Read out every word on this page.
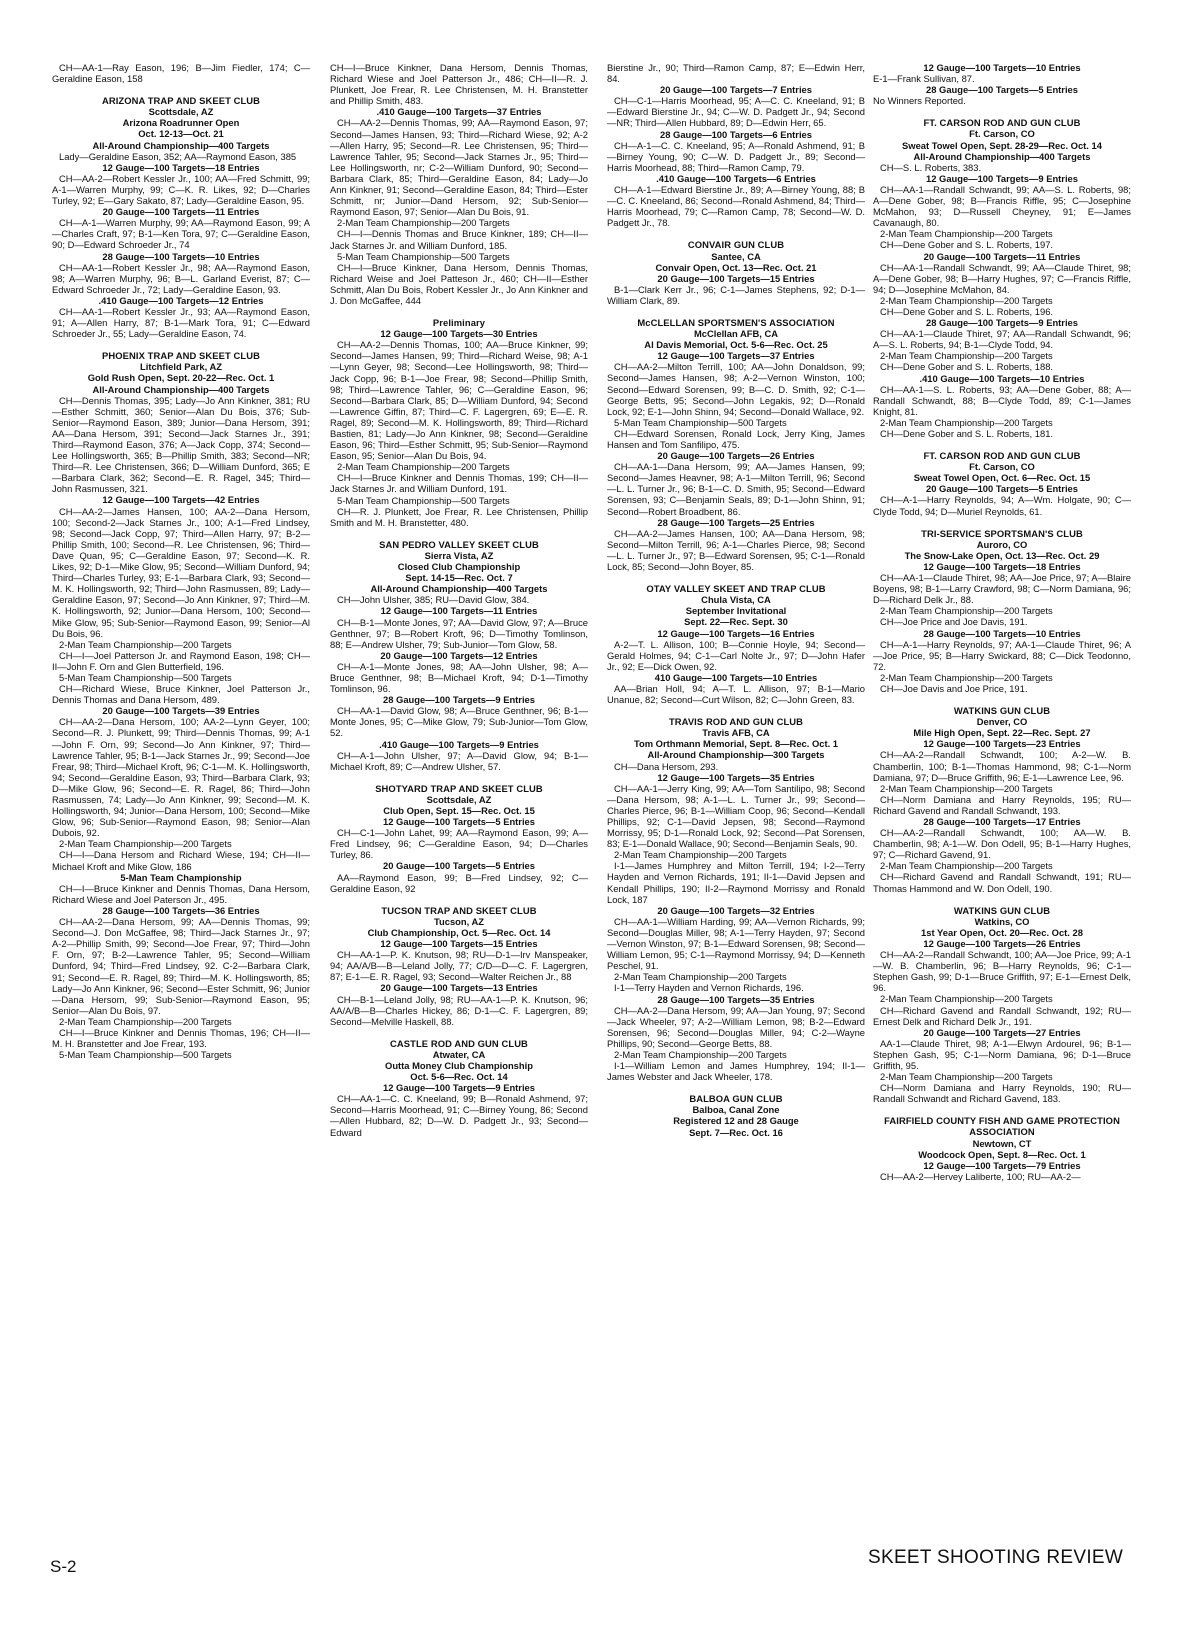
CH—AA-1—Ray Eason, 196; B—Jim Fiedler, 174; C—Geraldine Eason, 158
ARIZONA TRAP AND SKEET CLUB
Scottsdale, AZ
Arizona Roadrunner Open
Oct. 12-13—Oct. 21
All-Around Championship—400 Targets
Lady—Geraldine Eason, 352; AA—Raymond Eason, 385
12 Gauge—100 Targets—18 Entries
CH—AA-2—Robert Kessler Jr., 100; AA—Fred Schmitt, 99; A-1—Warren Murphy, 99; C—K. R. Likes, 92; D—Charles Turley, 92; E—Gary Sakato, 87; Lady—Geraldine Eason, 95.
20 Gauge—100 Targets—11 Entries
CH—A-1—Warren Murphy, 99; AA—Raymond Eason, 99; A—Charles Craft, 97; B-1—Ken Tora, 97; C—Geraldine Eason, 90; D—Edward Schroeder Jr., 74
28 Gauge—100 Targets—10 Entries
CH—AA-1—Robert Kessler Jr., 98; AA—Raymond Eason, 98; A—Warren Murphy, 96; B—L. Garland Everist, 87; C—Edward Schroeder Jr., 72; Lady—Geraldine Eason, 93.
.410 Gauge—100 Targets—12 Entries
CH—AA-1—Robert Kessler Jr., 93; AA—Raymond Eason, 91; A—Allen Harry, 87; B-1—Mark Tora, 91; C—Edward Schroeder Jr., 55; Lady—Geraldine Eason, 74.
PHOENIX TRAP AND SKEET CLUB
Litchfield Park, AZ
Gold Rush Open, Sept. 20-22—Rec. Oct. 1
All-Around Championship—400 Targets
CH—Dennis Thomas, 395; Lady—Jo Ann Kinkner, 381; RU—Esther Schmitt, 360; Senior—Alan Du Bois, 376; Sub-Senior—Raymond Eason, 389; Junior—Dana Hersom, 391; AA—Dana Hersom, 391; Second—Jack Starnes Jr., 391; Third—Raymond Eason, 376; A—Jack Copp, 374; Second—Lee Hollingsworth, 365; B—Phillip Smith, 383; Second—NR; Third—R. Lee Christensen, 366; D—William Dunford, 365; E—Barbara Clark, 362; Second—E. R. Ragel, 345; Third—John Rasmussen, 321.
12 Gauge—100 Targets—42 Entries
CH—AA-2—James Hansen, 100; AA-2—Dana Hersom, 100; Second-2—Jack Starnes Jr., 100; A-1—Fred Lindsey, 98; Second—Jack Copp, 97; Third—Allen Harry, 97; B-2—Phillip Smith, 100; Second—R. Lee Christensen, 96; Third—Dave Quan, 95; C—Geraldine Eason, 97; Second—K. R. Likes, 92; D-1—Mike Glow, 95; Second—William Dunford, 94; Third—Charles Turley, 93; E-1—Barbara Clark, 93; Second—M. K. Hollingsworth, 92; Third—John Rasmussen, 89; Lady—Geraldine Eason, 97; Second—Jo Ann Kinkner, 97; Third—M. K. Hollingsworth, 92; Junior—Dana Hersom, 100; Second—Mike Glow, 95; Sub-Senior—Raymond Eason, 99; Senior—Al Du Bois, 96.
2-Man Team Championship—200 Targets
CH—I—Joel Patterson Jr. and Raymond Eason, 198; CH—II—John F. Orn and Glen Butterfield, 196.
5-Man Team Championship—500 Targets
CH—Richard Wiese, Bruce Kinkner, Joel Patterson Jr., Dennis Thomas and Dana Hersom, 489.
20 Gauge—100 Targets—39 Entries
CH—AA-2—Dana Hersom, 100; AA-2—Lynn Geyer, 100; Second—R. J. Plunkett, 99; Third—Dennis Thomas, 99; A-1—John F. Orn, 99; Second—Jo Ann Kinkner, 97; Third—Lawrence Tahler, 95; B-1—Jack Starnes Jr., 99; Second—Joe Frear, 98; Third—Michael Kroft, 96; C-1—M. K. Hollingsworth, 94; Second—Geraldine Eason, 93; Third—Barbara Clark, 93; D—Mike Glow, 96; Second—E. R. Ragel, 86; Third—John Rasmussen, 74; Lady—Jo Ann Kinkner, 99; Second—M. K. Hollingsworth, 94; Junior—Dana Hersom, 100; Second—Mike Glow, 96; Sub-Senior—Raymond Eason, 98; Senior—Alan Dubois, 92.
2-Man Team Championship—200 Targets
CH—I—Dana Hersom and Richard Wiese, 194; CH—II—Michael Kroft and Mike Glow, 186
5-Man Team Championship
CH—I—Bruce Kinkner and Dennis Thomas, Dana Hersom, Richard Wiese and Joel Paterson Jr., 495.
28 Gauge—100 Targets—36 Entries
CH—AA-2—Dana Hersom, 99; AA—Dennis Thomas, 99; Second—J. Don McGaffee, 98; Third—Jack Starnes Jr., 97; A-2—Phillip Smith, 99; Second—Joe Frear, 97; Third—John F. Orn, 97; B-2—Lawrence Tahler, 95; Second—William Dunford, 94; Third—Fred Lindsey, 92. C-2—Barbara Clark, 91; Second—E. R. Ragel, 89; Third—M. K. Hollingsworth, 85; Lady—Jo Ann Kinkner, 96; Second—Ester Schmitt, 96; Junior—Dana Hersom, 99; Sub-Senior—Raymond Eason, 95; Senior—Alan Du Bois, 97.
2-Man Team Championship—200 Targets
CH—I—Bruce Kinkner and Dennis Thomas, 196; CH—II—M. H. Branstetter and Joe Frear, 193.
5-Man Team Championship—500 Targets
CH—I—Bruce Kinkner, Dana Hersom, Dennis Thomas, Richard Wiese and Joel Patterson Jr., 486; CH—II—R. J. Plunkett, Joe Frear, R. Lee Christensen, M. H. Branstetter and Phillip Smith, 483.
.410 Gauge—100 Targets—37 Entries
CH—AA-2—Dennis Thomas, 99; AA—Raymond Eason, 97; Second—James Hansen, 93; Third—Richard Wiese, 92; A-2—Allen Harry, 95; Second—R. Lee Christensen, 95; Third—Lawrence Tahler, 95; Second—Jack Starnes Jr., 95; Third—Lee Hollingsworth, nr; C-2—William Dunford, 90; Second—Barbara Clark, 85; Third—Geraldine Eason, 84; Lady—Jo Ann Kinkner, 91; Second—Geraldine Eason, 84; Third—Ester Schmitt, nr; Junior—Dand Hersom, 92; Sub-Senior—Raymond Eason, 97; Senior—Alan Du Bois, 91.
2-Man Team Championship—200 Targets
CH—I—Dennis Thomas and Bruce Kinkner, 189; CH—II—Jack Starnes Jr. and William Dunford, 185.
5-Man Team Championship—500 Targets
CH—I—Bruce Kinkner, Dana Hersom, Dennis Thomas, Richard Weise and Joel Patteson Jr., 460; CH—II—Esther Schmitt, Alan Du Bois, Robert Kessler Jr., Jo Ann Kinkner and J. Don McGaffee, 444
Preliminary
12 Gauge—100 Targets—30 Entries
CH—AA-2—Dennis Thomas, 100; AA—Bruce Kinkner, 99; Second—James Hansen, 99; Third—Richard Weise, 98; A-1—Lynn Geyer, 98; Second—Lee Hollingsworth, 98; Third—Jack Copp, 96; B-1—Joe Frear, 98; Second—Phillip Smith, 98; Third—Lawrence Tahler, 96; C—Geraldine Eason, 96; Second—Barbara Clark, 85; D—William Dunford, 94; Second—Lawrence Giffin, 87; Third—C. F. Lagergren, 69; E—E. R. Ragel, 89; Second—M. K. Hollingsworth, 89; Third—Richard Bastien, 81; Lady—Jo Ann Kinkner, 98; Second—Geraldine Eason, 96; Third—Esther Schmitt, 95; Sub-Senior—Raymond Eason, 95; Senior—Alan Du Bois, 94.
2-Man Team Championship—200 Targets
CH—I—Bruce Kinkner and Dennis Thomas, 199; CH—II—Jack Starnes Jr. and William Dunford, 191.
5-Man Team Championship—500 Targets
CH—R. J. Plunkett, Joe Frear, R. Lee Christensen, Phillip Smith and M. H. Branstetter, 480.
SAN PEDRO VALLEY SKEET CLUB
Sierra Vista, AZ
Closed Club Championship
Sept. 14-15—Rec. Oct. 7
All-Around Championship—400 Targets
CH—John Ulsher, 385; RU—David Glow, 384.
12 Gauge—100 Targets—11 Entries
CH—B-1—Monte Jones, 97; AA—David Glow, 97; A—Bruce Genthner, 97; B—Robert Kroft, 96; D—Timothy Tomlinson, 88; E—Andrew Ulsher, 79; Sub-Junior—Tom Glow, 58.
20 Gauge—100 Targets—12 Entries
CH—A-1—Monte Jones, 98; AA—John Ulsher, 98; A—Bruce Genthner, 98; B—Michael Kroft, 94; D-1—Timothy Tomlinson, 96.
28 Gauge—100 Targets—9 Entries
CH—AA-1—David Glow, 98; A—Bruce Genthner, 96; B-1—Monte Jones, 95; C—Mike Glow, 79; Sub-Junior—Tom Glow, 52.
.410 Gauge—100 Targets—9 Entries
CH—A-1—John Ulsher, 97; A—David Glow, 94; B-1—Michael Kroft, 89; C—Andrew Ulsher, 57.
SHOTYARD TRAP AND SKEET CLUB
Scottsdale, AZ
Club Open, Sept. 15—Rec. Oct. 15
12 Gauge—100 Targets—5 Entries
CH—C-1—John Lahet, 99; AA—Raymond Eason, 99; A—Fred Lindsey, 96; C—Geraldine Eason, 94; D—Charles Turley, 86.
20 Gauge—100 Targets—5 Entries
AA—Raymond Eason, 99; B—Fred Lindsey, 92; C—Geraldine Eason, 92
TUCSON TRAP AND SKEET CLUB
Tucson, AZ
Club Championship, Oct. 5—Rec. Oct. 14
12 Gauge—100 Targets—15 Entries
CH—AA-1—P. K. Knutson, 98; RU—D-1—Irv Manspeaker, 94; AA/A/B—B—Leland Jolly, 77; C/D—D—C. F. Lagergren, 87; E-1—E. R. Ragel, 93; Second—Walter Reichen Jr., 88
20 Gauge—100 Targets—13 Entries
CH—B-1—Leland Jolly, 98; RU—AA-1—P. K. Knutson, 96; AA/A/B—B—Charles Hickey, 86; D-1—C. F. Lagergren, 89; Second—Melville Haskell, 88.
CASTLE ROD AND GUN CLUB
Atwater, CA
Outta Money Club Championship
Oct. 5-6—Rec. Oct. 14
12 Gauge—100 Targets—9 Entries
CH—AA-1—C. C. Kneeland, 99; B—Ronald Ashmend, 97; Second—Harris Moorhead, 91; C—Birney Young, 86; Second—Allen Hubbard, 82; D—W. D. Padgett Jr., 93; Second—Edward
Bierstine Jr., 90; Third—Ramon Camp, 87; E—Edwin Herr, 84.
20 Gauge—100 Targets—7 Entries
CH—C-1—Harris Moorhead, 95; A—C. C. Kneeland, 91; B—Edward Bierstine Jr., 94; C—W. D. Padgett Jr., 94; Second—NR; Third—Allen Hubbard, 89; D—Edwin Herr, 65.
28 Gauge—100 Targets—6 Entries
CH—A-1—C. C. Kneeland, 95; A—Ronald Ashmend, 91; B—Birney Young, 90; C—W. D. Padgett Jr., 89; Second—Harris Moorhead, 88; Third—Ramon Camp, 79.
.410 Gauge—100 Targets—6 Entries
CH—A-1—Edward Bierstine Jr., 89; A—Birney Young, 88; B—C. C. Kneeland, 86; Second—Ronald Ashmend, 84; Third—Harris Moorhead, 79; C—Ramon Camp, 78; Second—W. D. Padgett Jr., 78.
CONVAIR GUN CLUB
Santee, CA
Convair Open, Oct. 13—Rec. Oct. 21
20 Gauge—100 Targets—15 Entries
B-1—Clark Kerr Jr., 96; C-1—James Stephens, 92; D-1—William Clark, 89.
McCLELLAN SPORTSMEN'S ASSOCIATION
McClellan AFB, CA
Al Davis Memorial, Oct. 5-6—Rec. Oct. 25
12 Gauge—100 Targets—37 Entries
CH—AA-2—Milton Terrill, 100; AA—John Donaldson, 99; Second—James Hansen, 98; A-2—Vernon Winston, 100; Second—Edward Sorensen, 99; B—C. D. Smith, 92; C-1—George Betts, 95; Second—John Legakis, 92; D—Ronald Lock, 92; E-1—John Shinn, 94; Second—Donald Wallace, 92.
5-Man Team Championship—500 Targets
CH—Edward Sorensen, Ronald Lock, Jerry King, James Hansen and Tom Sanfilipo, 475.
20 Gauge—100 Targets—26 Entries
CH—AA-1—Dana Hersom, 99; AA—James Hansen, 99; Second—James Heavner, 98; A-1—Milton Terrill, 96; Second—L. L. Turner Jr., 96; B-1—C. D. Smith, 95; Second—Edward Sorensen, 93; C—Benjamin Seals, 89; D-1—John Shinn, 91; Second—Robert Broadbent, 86.
28 Gauge—100 Targets—25 Entries
CH—AA-2—James Hansen, 100; AA—Dana Hersom, 98; Second—Milton Terrill, 96; A-1—Charles Pierce, 98; Second—L. L. Turner Jr., 97; B—Edward Sorensen, 95; C-1—Ronald Lock, 85; Second—John Boyer, 85.
OTAY VALLEY SKEET AND TRAP CLUB
Chula Vista, CA
September Invitational
Sept. 22—Rec. Sept. 30
12 Gauge—100 Targets—16 Entries
A-2—T. L. Allison, 100; B—Connie Hoyle, 94; Second—Gerald Holmes, 94; C-1—Carl Nolte Jr., 97; D—John Hafer Jr., 92; E—Dick Owen, 92.
410 Gauge—100 Targets—10 Entries
AA—Brian Holl, 94; A—T. L. Allison, 97; B-1—Mario Unanue, 82; Second—Curt Wilson, 82; C—John Green, 83.
TRAVIS ROD AND GUN CLUB
Travis AFB, CA
Tom Orthmann Memorial, Sept. 8—Rec. Oct. 1
All-Around Championship—300 Targets
CH—Dana Hersom, 293.
12 Gauge—100 Targets—35 Entries
CH—AA-1—Jerry King, 99; AA—Tom Santilipo, 98; Second—Dana Hersom, 98; A-1—L. L. Turner Jr., 99; Second—Charles Pierce, 96; B-1—William Coop, 96; Second—Kendall Phillips, 92; C-1—David Jepsen, 98; Second—Raymond Morrissy, 95; D-1—Ronald Lock, 92; Second—Pat Sorensen, 83; E-1—Donald Wallace, 90; Second—Benjamin Seals, 90.
2-Man Team Championship—200 Targets
I-1—James Humphrey and Milton Terrill, 194; I-2—Terry Hayden and Vernon Richards, 191; II-1—David Jepsen and Kendall Phillips, 190; II-2—Raymond Morrissy and Ronald Lock, 187
20 Gauge—100 Targets—32 Entries
CH—AA-1—William Harding, 99; AA—Vernon Richards, 99; Second—Douglas Miller, 98; A-1—Terry Hayden, 97; Second—Vernon Winston, 97; B-1—Edward Sorensen, 98; Second—William Lemon, 95; C-1—Raymond Morrissy, 94; D—Kenneth Peschel, 91.
2-Man Team Championship—200 Targets
I-1—Terry Hayden and Vernon Richards, 196.
28 Gauge—100 Targets—35 Entries
CH—AA-2—Dana Hersom, 99; AA—Jan Young, 97; Second—Jack Wheeler, 97; A-2—William Lemon, 98; B-2—Edward Sorensen, 96; Second—Douglas Miller, 94; C-2—Wayne Phillips, 90; Second—George Betts, 88.
2-Man Team Championship—200 Targets
I-1—William Lemon and James Humphrey, 194; II-1—James Webster and Jack Wheeler, 178.
BALBOA GUN CLUB
Balboa, Canal Zone
Registered 12 and 28 Gauge
Sept. 7—Rec. Oct. 16
12 Gauge—100 Targets—10 Entries
E-1—Frank Sullivan, 87.
28 Gauge—100 Targets—5 Entries
No Winners Reported.
FT. CARSON ROD AND GUN CLUB
Ft. Carson, CO
Sweat Towel Open, Sept. 28-29—Rec. Oct. 14
All-Around Championship—400 Targets
CH—S. L. Roberts, 383.
12 Gauge—100 Targets—9 Entries
CH—AA-1—Randall Schwandt, 99; AA—S. L. Roberts, 98; A—Dene Gober, 98; B—Francis Riffle, 95; C—Josephine McMahon, 93; D—Russell Cheyney, 91; E—James Cavanaugh, 80.
2-Man Team Championship—200 Targets
CH—Dene Gober and S. L. Roberts, 197.
20 Gauge—100 Targets—11 Entries
CH—AA-1—Randall Schwandt, 99; AA—Claude Thiret, 98; A—Dene Gober, 98; B—Harry Hughes, 97; C—Francis Riffle, 94; D—Josephine McMahon, 84.
2-Man Team Championship—200 Targets
CH—Dene Gober and S. L. Roberts, 196.
28 Gauge—100 Targets—9 Entries
CH—AA-1—Claude Thiret, 97; AA—Randall Schwandt, 96; A—S. L. Roberts, 94; B-1—Clyde Todd, 94.
2-Man Team Championship—200 Targets
CH—Dene Gober and S. L. Roberts, 188.
.410 Gauge—100 Targets—10 Entries
CH—AA-1—S. L. Roberts, 93; AA—Dene Gober, 88; A—Randall Schwandt, 88; B—Clyde Todd, 89; C-1—James Knight, 81.
2-Man Team Championship—200 Targets
CH—Dene Gober and S. L. Roberts, 181.
FT. CARSON ROD AND GUN CLUB
Ft. Carson, CO
Sweat Towel Open, Oct. 6—Rec. Oct. 15
20 Gauge—100 Targets—5 Entries
CH—A-1—Harry Reynolds, 94; A—Wm. Holgate, 90; C—Clyde Todd, 94; D—Muriel Reynolds, 61.
TRI-SERVICE SPORTSMAN'S CLUB
Auroro, CO
The Snow-Lake Open, Oct. 13—Rec. Oct. 29
12 Gauge—100 Targets—18 Entries
CH—AA-1—Claude Thiret, 98; AA—Joe Price, 97; A—Blaire Boyens, 98; B-1—Larry Crawford, 98; C—Norm Damiana, 96; D—Richard Delk Jr., 88.
2-Man Team Championship—200 Targets
CH—Joe Price and Joe Davis, 191.
28 Gauge—100 Targets—10 Entries
CH—A-1—Harry Reynolds, 97; AA-1—Claude Thiret, 96; A—Joe Price, 95; B—Harry Swickard, 88; C—Dick Teodonno, 72.
2-Man Team Championship—200 Targets
CH—Joe Davis and Joe Price, 191.
WATKINS GUN CLUB
Denver, CO
Mile High Open, Sept. 22—Rec. Sept. 27
12 Gauge—100 Targets—23 Entries
CH—AA-2—Randall Schwandt, 100; A-2—W. B. Chamberlin, 100; B-1—Thomas Hammond, 98; C-1—Norm Damiana, 97; D—Bruce Griffith, 96; E-1—Lawrence Lee, 96.
2-Man Team Championship—200 Targets
CH—Norm Damiana and Harry Reynolds, 195; RU—Richard Gavend and Randall Schwandt, 193.
28 Gauge—100 Targets—17 Entries
CH—AA-2—Randall Schwandt, 100; AA—W. B. Chamberlin, 98; A-1—W. Don Odell, 95; B-1—Harry Hughes, 97; C—Richard Gavend, 91.
2-Man Team Championship—200 Targets
CH—Richard Gavend and Randall Schwandt, 191; RU—Thomas Hammond and W. Don Odell, 190.
WATKINS GUN CLUB
Watkins, CO
1st Year Open, Oct. 20—Rec. Oct. 28
12 Gauge—100 Targets—26 Entries
CH—AA-2—Randall Schwandt, 100; AA—Joe Price, 99; A-1—W. B. Chamberlin, 96; B—Harry Reynolds, 96; C-1—Stephen Gash, 99; D-1—Bruce Griffith, 97; E-1—Ernest Delk, 96.
2-Man Team Championship—200 Targets
CH—Richard Gavend and Randall Schwandt, 192; RU—Ernest Delk and Richard Delk Jr., 191.
20 Gauge—100 Targets—27 Entries
AA-1—Claude Thiret, 98; A-1—Elwyn Ardourel, 96; B-1—Stephen Gash, 95; C-1—Norm Damiana, 96; D-1—Bruce Griffith, 95.
2-Man Team Championship—200 Targets
CH—Norm Damiana and Harry Reynolds, 190; RU—Randall Schwandt and Richard Gavend, 183.
FAIRFIELD COUNTY FISH AND GAME PROTECTION ASSOCIATION
Newtown, CT
Woodcock Open, Sept. 8—Rec. Oct. 1
12 Gauge—100 Targets—79 Entries
CH—AA-2—Hervey Laliberte, 100; RU—AA-2—
S-2	SKEET SHOOTING REVIEW
